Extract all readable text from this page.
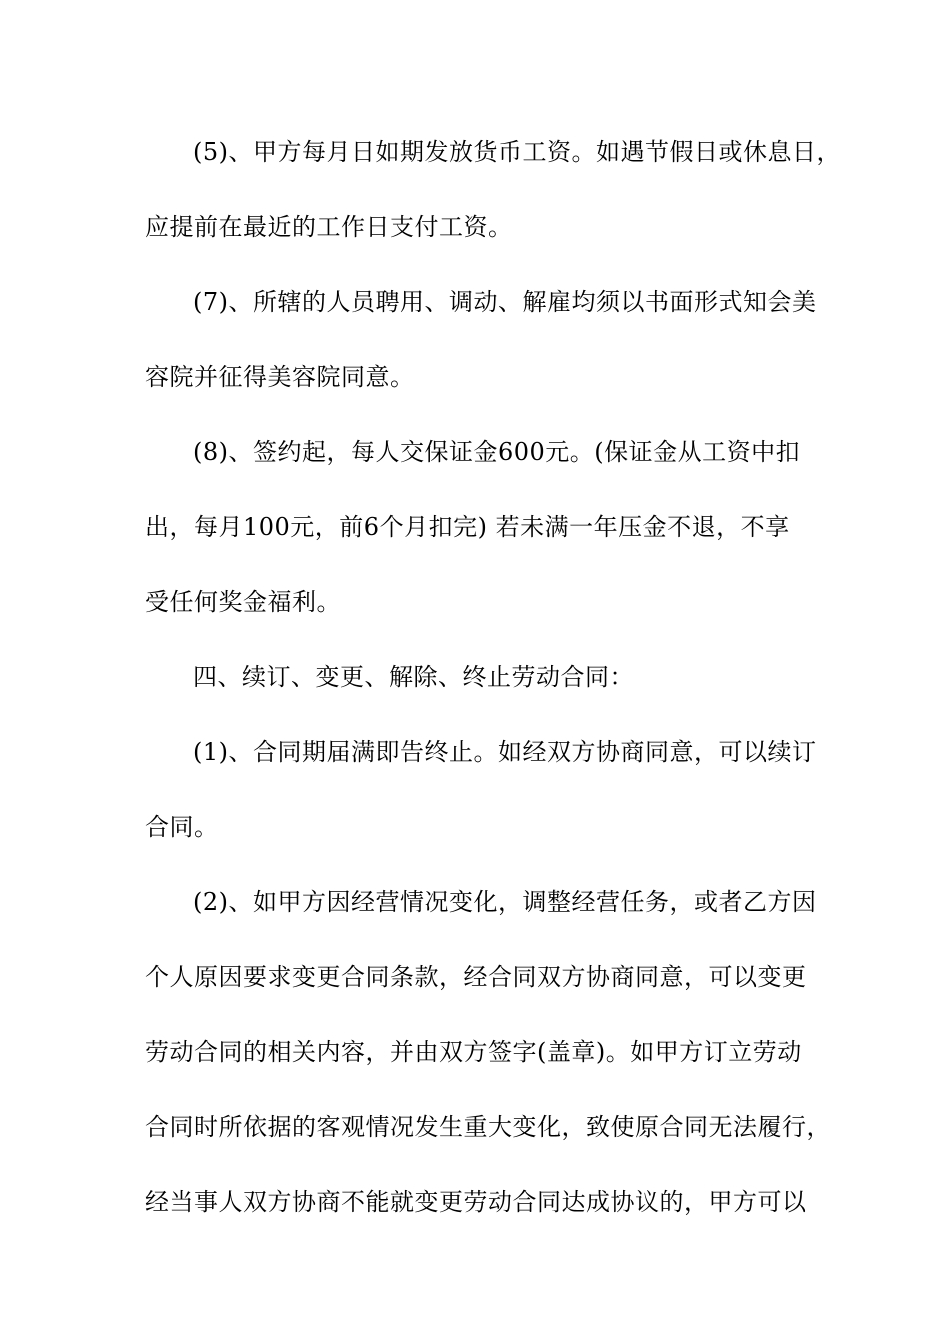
(5)、甲方每月日如期发放货币工资。如遇节假日或休息日，
应提前在最近的工作日支付工资。
(7)、所辖的人员聘用、调动、解雇均须以书面形式知会美
容院并征得美容院同意。
(8)、签约起，每人交保证金600元。(保证金从工资中扣
出，每月100元，前6个月扣完) 若未满一年压金不退，不享
受任何奖金福利。
四、续订、变更、解除、终止劳动合同：
(1)、合同期届满即告终止。如经双方协商同意，可以续订
合同。
(2)、如甲方因经营情况变化，调整经营任务，或者乙方因
个人原因要求变更合同条款，经合同双方协商同意，可以变更
劳动合同的相关内容，并由双方签字(盖章)。如甲方订立劳动
合同时所依据的客观情况发生重大变化，致使原合同无法履行，
经当事人双方协商不能就变更劳动合同达成协议的，甲方可以
